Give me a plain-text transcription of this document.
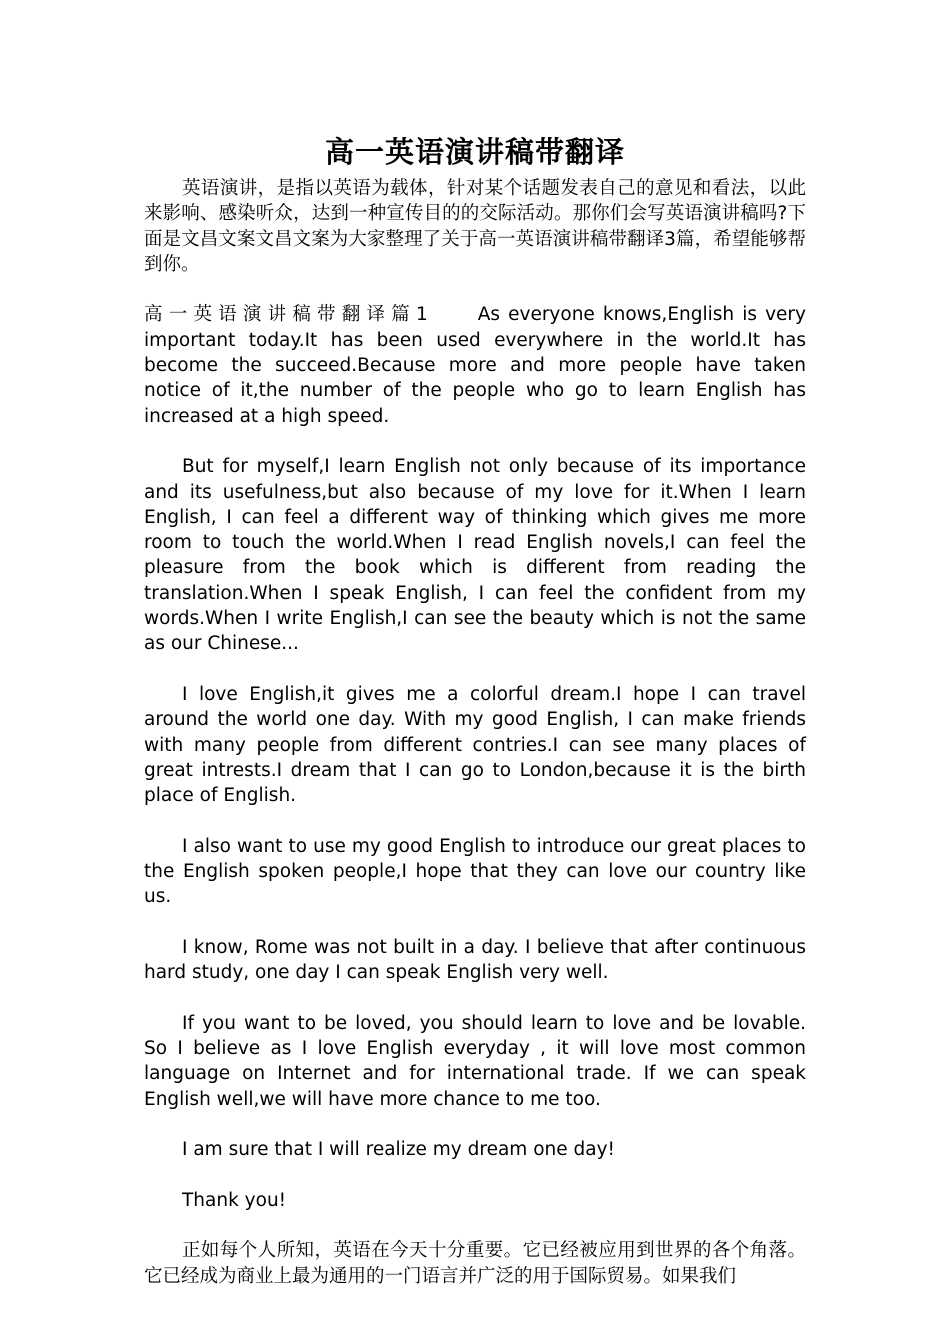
高一英语演讲稿带翻译

英语演讲，是指以英语为载体，针对某个话题发表自己的意见和看法，以此来影响、感染听众，达到一种宣传目的的交际活动。那你们会写英语演讲稿吗?下面是文昌文案文昌文案为大家整理了关于高一英语演讲稿带翻译3篇，希望能够帮到你。

高一英语演讲稿带翻译篇1 As everyone knows,English is very important today.It has been used everywhere in the world.It has become the succeed.Because more and more people have taken notice of it,the number of the people who go to learn English has increased at a high speed.

But for myself,I learn English not only because of its importance and its usefulness,but also because of my love for it.When I learn English, I can feel a different way of thinking which gives me more room to touch the world.When I read English novels,I can feel the pleasure from the book which is different from reading the translation.When I speak English, I can feel the confident from my words.When I write English,I can see the beauty which is not the same as our Chinese...

I love English,it gives me a colorful dream.I hope I can travel around the world one day. With my good English, I can make friends with many people from different contries.I can see many places of great intrests.I dream that I can go to London,because it is the birth place of English.

I also want to use my good English to introduce our great places to the English spoken people,I hope that they can love our country like us.

I know, Rome was not built in a day. I believe that after continuous hard study, one day I can speak English very well.

If you want to be loved, you should learn to love and be lovable. So I believe as I love English everyday , it will love most common language on Internet and for international trade. If we can speak English well,we will have more chance to me too.

I am sure that I will realize my dream one day!

Thank you!

正如每个人所知，英语在今天十分重要。它已经被应用到世界的各个角落。它已经成为商业上最为通用的一门语言并广泛的用于国际贸易。如果我们
